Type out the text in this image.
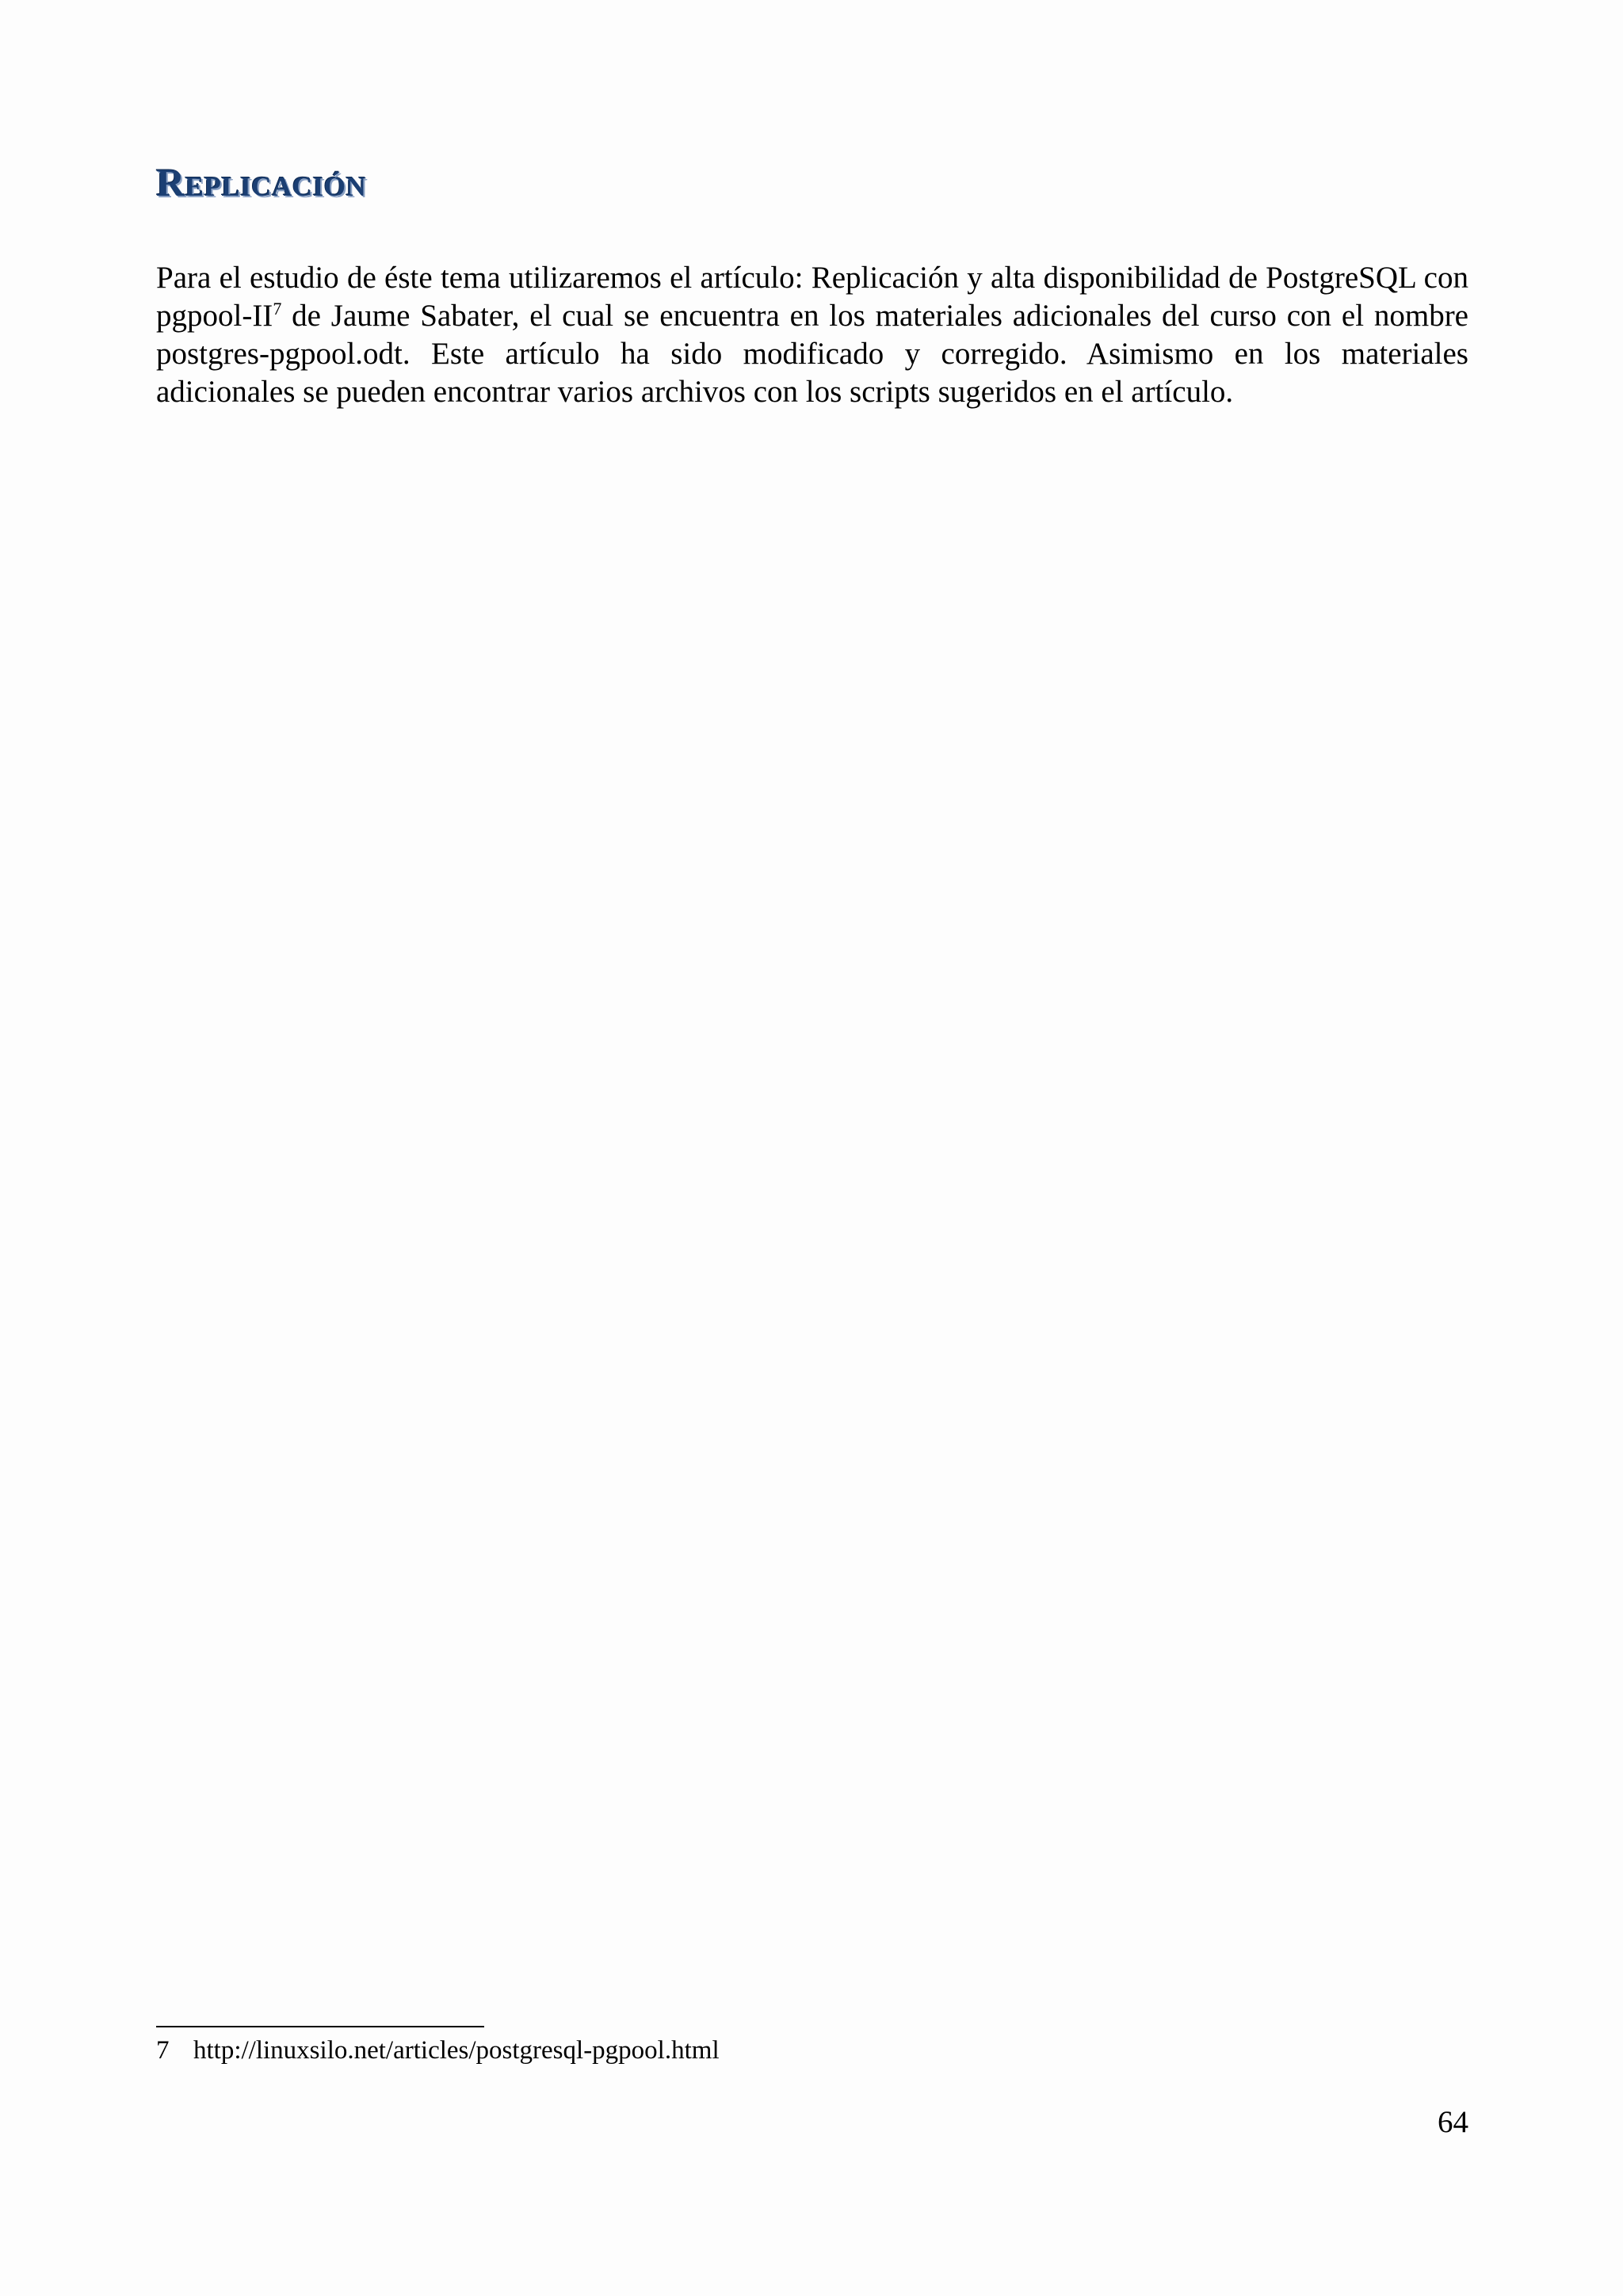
Replicación

Para el estudio de éste tema utilizaremos el artículo: Replicación y alta disponibilidad de PostgreSQL con pgpool-$II^7$ de Jaume Sabater, el cual se encuentra en los materiales adicionales del curso con el nombre postgres-pgpool.odt. Este artículo ha sido modificado y corregido. Asimismo en los materiales adicionales se pueden encontrar varios archivos con los scripts sugeridos en el artículo.

7 http://linuxsilo.net/articles/postgresql-pgpool.html

64
